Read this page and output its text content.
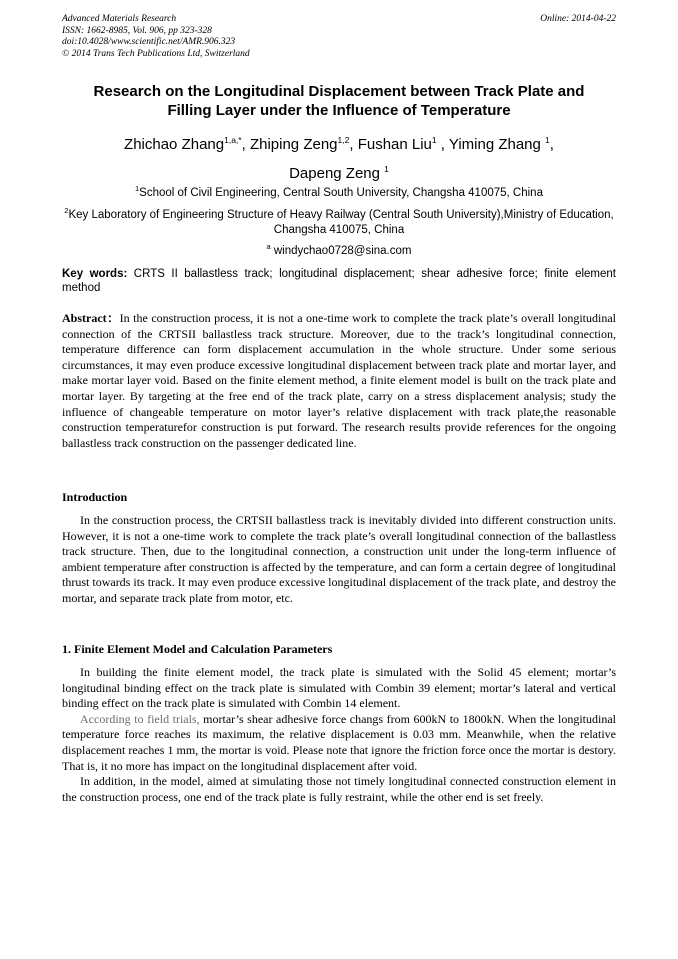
Advanced Materials Research
ISSN: 1662-8985, Vol. 906, pp 323-328
doi:10.4028/www.scientific.net/AMR.906.323
© 2014 Trans Tech Publications Ltd, Switzerland
Online: 2014-04-22
Research on the Longitudinal Displacement between Track Plate and
Filling Layer under the Influence of Temperature
Zhichao Zhang$^{1,a,*}$, Zhiping Zeng$^{1,2}$, Fushan Liu$^1$ , Yiming Zhang $^1$,
Dapeng Zeng $^1$
$^1$School of Civil Engineering, Central South University, Changsha 410075, China
$^2$Key Laboratory of Engineering Structure of Heavy Railway (Central South University),Ministry of Education, Changsha 410075, China
$^a$ windychao0728@sina.com
Key words: CRTS II ballastless track; longitudinal displacement; shear adhesive force; finite element method
Abstract：In the construction process, it is not a one-time work to complete the track plate’s overall longitudinal connection of the CRTSII ballastless track structure. Moreover, due to the track’s longitudinal connection, temperature difference can form displacement accumulation in the whole structure. Under some serious circumstances, it may even produce excessive longitudinal displacement between track plate and mortar layer, and make mortar layer void. Based on the finite element method, a finite element model is built on the track plate and mortar layer. By targeting at the free end of the track plate, carry on a stress displacement analysis; study the influence of changeable temperature on motor layer’s relative displacement with track plate,the reasonable construction temperaturefor construction is put forward. The research results provide references for the ongoing ballastless track construction on the passenger dedicated line.
Introduction

In the construction process, the CRTSII ballastless track is inevitably divided into different construction units. However, it is not a one-time work to complete the track plate’s overall longitudinal connection of the ballastless track structure. Then, due to the longitudinal connection, a construction unit under the long-term influence of ambient temperature after construction is affected by the temperature, and can form a certain degree of longitudinal thrust towards its track. It may even produce excessive longitudinal displacement of the track plate, and destroy the mortar, and separate track plate from motor, etc.

1. Finite Element Model and Calculation Parameters

In building the finite element model, the track plate is simulated with the Solid 45 element; mortar’s longitudinal binding effect on the track plate is simulated with Combin 39 element; mortar’s lateral and vertical binding effect on the track plate is simulated with Combin 14 element.

According to field trials, mortar’s shear adhesive force changs from 600kN to 1800kN. When the longitudinal temperature force reaches its maximum, the relative displacement is 0.03 mm. Meanwhile, when the relative displacement reaches 1 mm, the mortar is void. Please note that ignore the friction force once the mortar is destory. That is, it no more has impact on the longitudinal displacement after void.

In addition, in the model, aimed at simulating those not timely longitudinal connected construction element in the construction process, one end of the track plate is fully restraint, while the other end is set freely.
